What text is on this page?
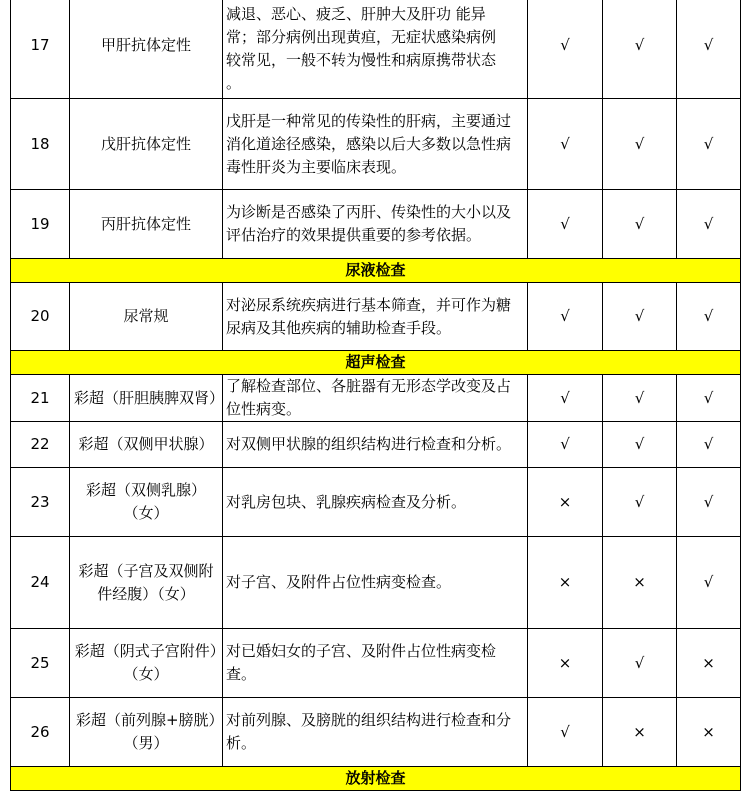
17	甲肝抗体定性	减退、恶心、疲乏、肝肿大及肝功 能异
常；部分病例出现黄疸，无症状感染病例
较常见，一般不转为慢性和病原携带状态
。	√	√	√
18	戊肝抗体定性	戊肝是一种常见的传染性的肝病，主要通过消化道途径感染，感染以后大多数以急性病毒性肝炎为主要临床表现。	√	√	√
19	丙肝抗体定性	为诊断是否感染了丙肝、传染性的大小以及评估治疗的效果提供重要的参考依据。	√	√	√
尿液检查					
20	尿常规	对泌尿系统疾病进行基本筛查，并可作为糖尿病及其他疾病的辅助检查手段。	√	√	√
超声检查					
21	彩超（肝胆胰脾双肾）	了解检查部位、各脏器有无形态学改变及占位性病变。	√	√	√
22	彩超（双侧甲状腺）	对双侧甲状腺的组织结构进行检查和分析。	√	√	√
23	彩超（双侧乳腺）（女）	对乳房包块、乳腺疾病检查及分析。	×	√	√
24	彩超（子宫及双侧附件经腹）（女）	对子宫、及附件占位性病变检查。	×	×	√
25	彩超（阴式子宫附件）（女）	对已婚妇女的子宫、及附件占位性病变检查。	×	√	×
26	彩超（前列腺+膀胱）（男）	对前列腺、及膀胱的组织结构进行检查和分析。	√	×	×
放射检查					
